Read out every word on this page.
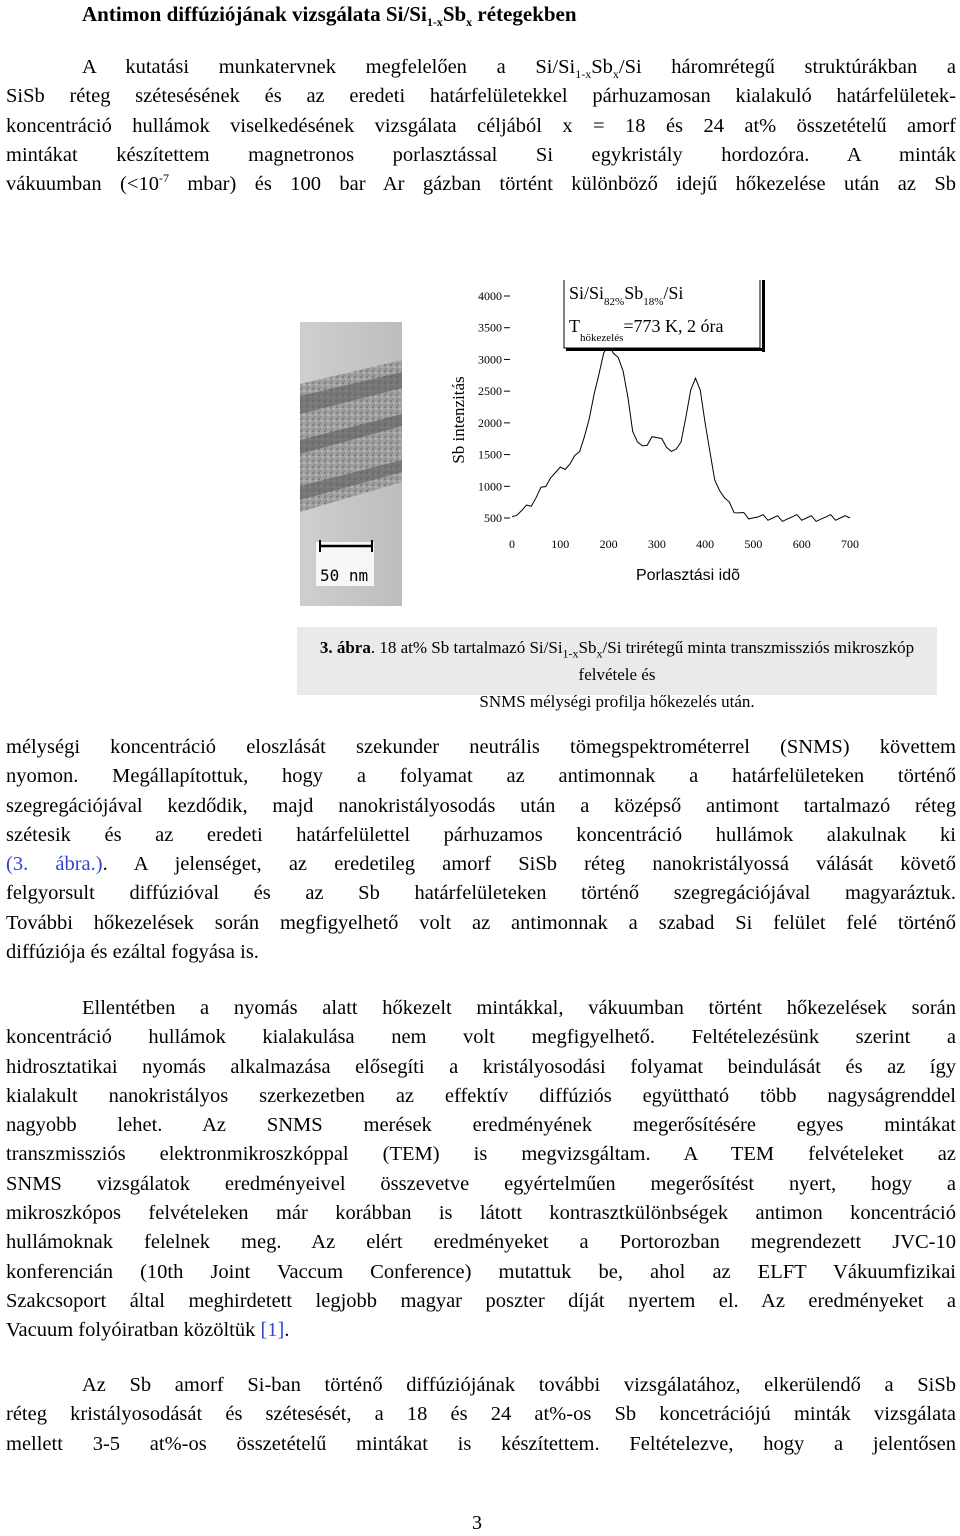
Antimon diffúziójának vizsgálata $Si/Si_{1-x}Sb_x$ rétegekben
A kutatási munkatervnek megfelelően a $Si/Si_{1-x}Sb_x/Si$ háromrétegű struktúrákban a
SiSb réteg szétesésének és az eredeti határfelületekkel párhuzamosan kialakuló határfelületek-
koncentráció hullámok viselkedésének vizsgálata céljából x = 18 és 24 at% összetételű amorf
mintákat készítettem magnetronos porlasztással Si egykristály hordozóra. A minták
vákuumban ($<10^{-7}$ mbar) és 100 bar Ar gázban történt különböző idejű hőkezelése után az Sb
50 nm
500
1000
1500
2000
2500
3000
3500
4000
0	100	200	300	400	500	600	700
Sb intenzitás
Porlasztási idõ
$Si/Si_{82\%}Sb_{18\%}/Si$
$T_{hökezelés}=773$ K, 2 óra
3. ábra. 18 at% Sb tartalmazó $Si/Si_{1-x}Sb_x/Si$ trirétegű minta transzmissziós mikroszkóp felvétele és
SNMS mélységi profilja hőkezelés után.
mélységi koncentráció eloszlását szekunder neutrális tömegspektrométerrel (SNMS) követtem
nyomon. Megállapítottuk, hogy a folyamat az antimonnak a határfelületeken történő
szegregációjával kezdődik, majd nanokristályosodás után a középső antimont tartalmazó réteg
szétesik és az eredeti határfelülettel párhuzamos koncentráció hullámok alakulnak ki
(3. ábra.). A jelenséget, az eredetileg amorf SiSb réteg nanokristályossá válását követő
felgyorsult diffúzióval és az Sb határfelületeken történő szegregációjával magyaráztuk.
További hőkezelések során megfigyelhető volt az antimonnak a szabad Si felület felé történő
diffúziója és ezáltal fogyása is.
Ellentétben a nyomás alatt hőkezelt mintákkal, vákuumban történt hőkezelések során
koncentráció hullámok kialakulása nem volt megfigyelhető. Feltételezésünk szerint a
hidrosztatikai nyomás alkalmazása elősegíti a kristályosodási folyamat beindulását és az így
kialakult nanokristályos szerkezetben az effektív diffúziós együttható több nagyságrenddel
nagyobb lehet. Az SNMS merések eredményének megerősítésére egyes mintákat
transzmissziós elektronmikroszkóppal (TEM) is megvizsgáltam. A TEM felvételeket az
SNMS vizsgálatok eredményeivel összevetve egyértelműen megerősítést nyert, hogy a
mikroszkópos felvételeken már korábban is látott kontrasztkülönbségek antimon koncentráció
hullámoknak felelnek meg. Az elért eredményeket a Portorozban megrendezett JVC-10
konferencián (10th Joint Vaccum Conference) mutattuk be, ahol az ELFT Vákuumfizikai
Szakcsoport által meghirdetett legjobb magyar poszter díját nyertem el. Az eredményeket a
Vacuum folyóiratban közöltük [1].
Az Sb amorf Si-ban történő diffúziójának további vizsgálatához, elkerülendő a SiSb
réteg kristályosodását és szétesését, a 18 és 24 at%-os Sb koncetrációjú minták vizsgálata
mellett 3-5 at%-os összetételű mintákat is készítettem. Feltételezve, hogy a jelentősen
3
